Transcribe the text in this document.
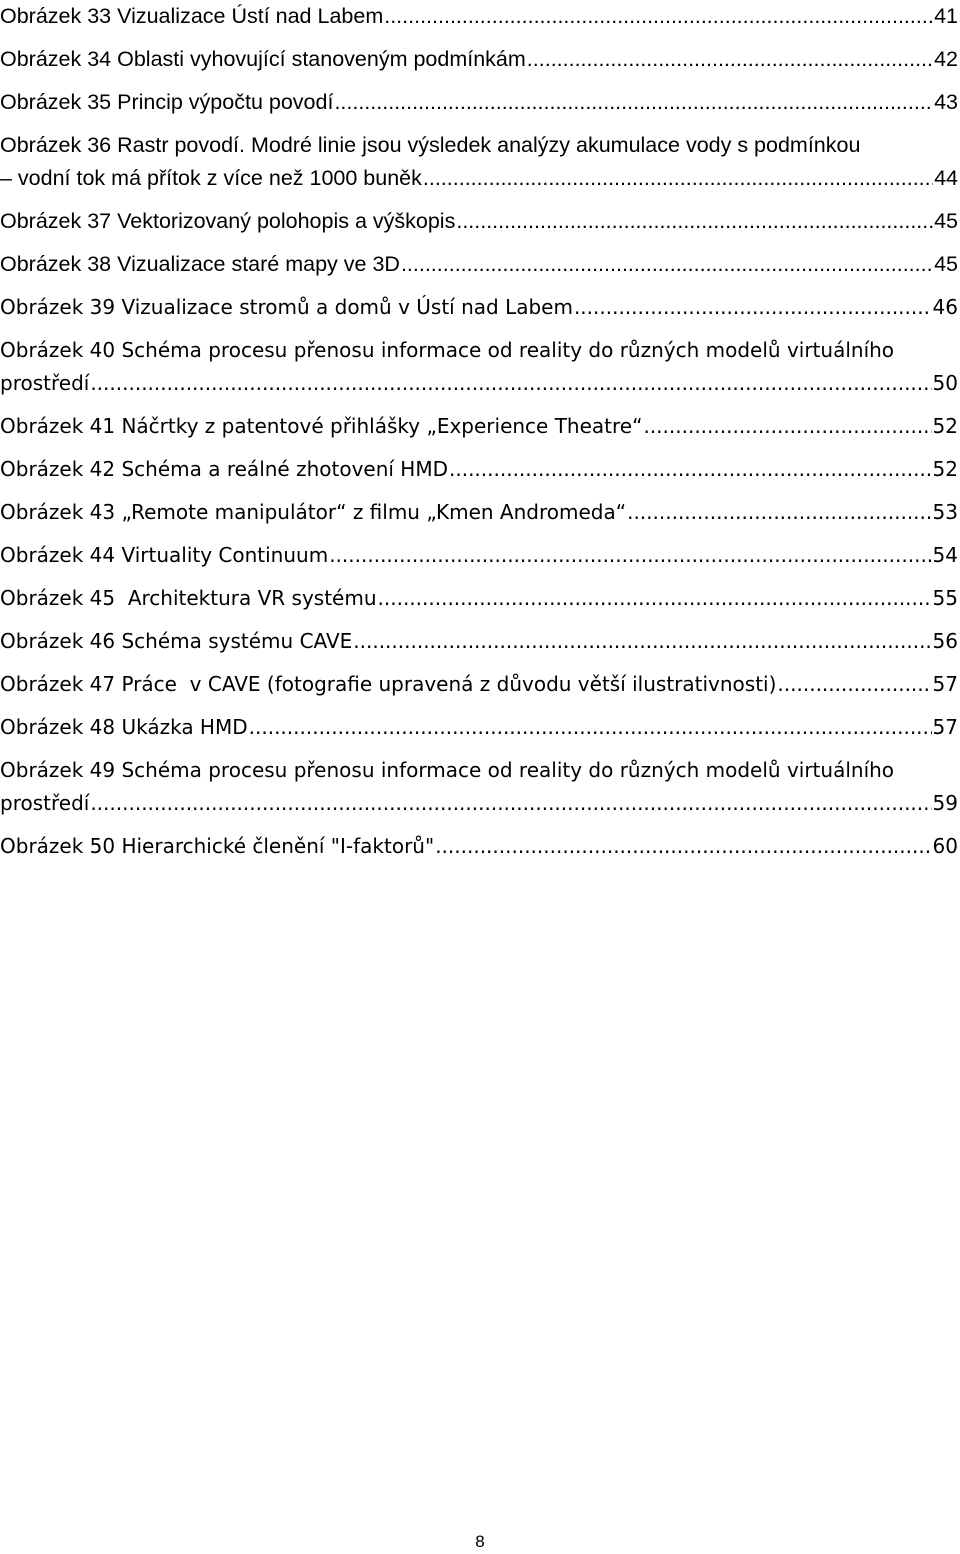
Obrázek 33 Vizualizace Ústí nad Labem .....	41
Obrázek 34 Oblasti vyhovující stanoveným podmínkám .....	42
Obrázek 35 Princip výpočtu povodí .....	43
Obrázek 36 Rastr povodí. Modré linie jsou výsledek analýzy akumulace vody s podmínkou
– vodní tok má přítok z více než 1000 buněk .....	44
Obrázek 37 Vektorizovaný polohopis a výškopis .....	45
Obrázek 38 Vizualizace staré mapy ve 3D .....	45
Obrázek 39 Vizualizace stromů a domů v Ústí nad Labem .....	46
Obrázek 40 Schéma procesu přenosu informace od reality do různých modelů virtuálního
prostředí .....	50
Obrázek 41 Náčrtky z patentové přihlášky „Experience Theatre“ .....	52
Obrázek 42 Schéma a reálné zhotovení HMD .....	52
Obrázek 43 „Remote manipulátor“ z filmu „Kmen Andromeda“ .....	53
Obrázek 44 Virtuality Continuum .....	54
Obrázek 45  Architektura VR systému .....	55
Obrázek 46 Schéma systému CAVE .....	56
Obrázek 47 Práce  v CAVE (fotografie upravená z důvodu větší ilustrativnosti) .....	57
Obrázek 48 Ukázka HMD .....	57
Obrázek 49 Schéma procesu přenosu informace od reality do různých modelů virtuálního
prostředí .....	59
Obrázek 50 Hierarchické členění "I-faktorů" .....	60
8
